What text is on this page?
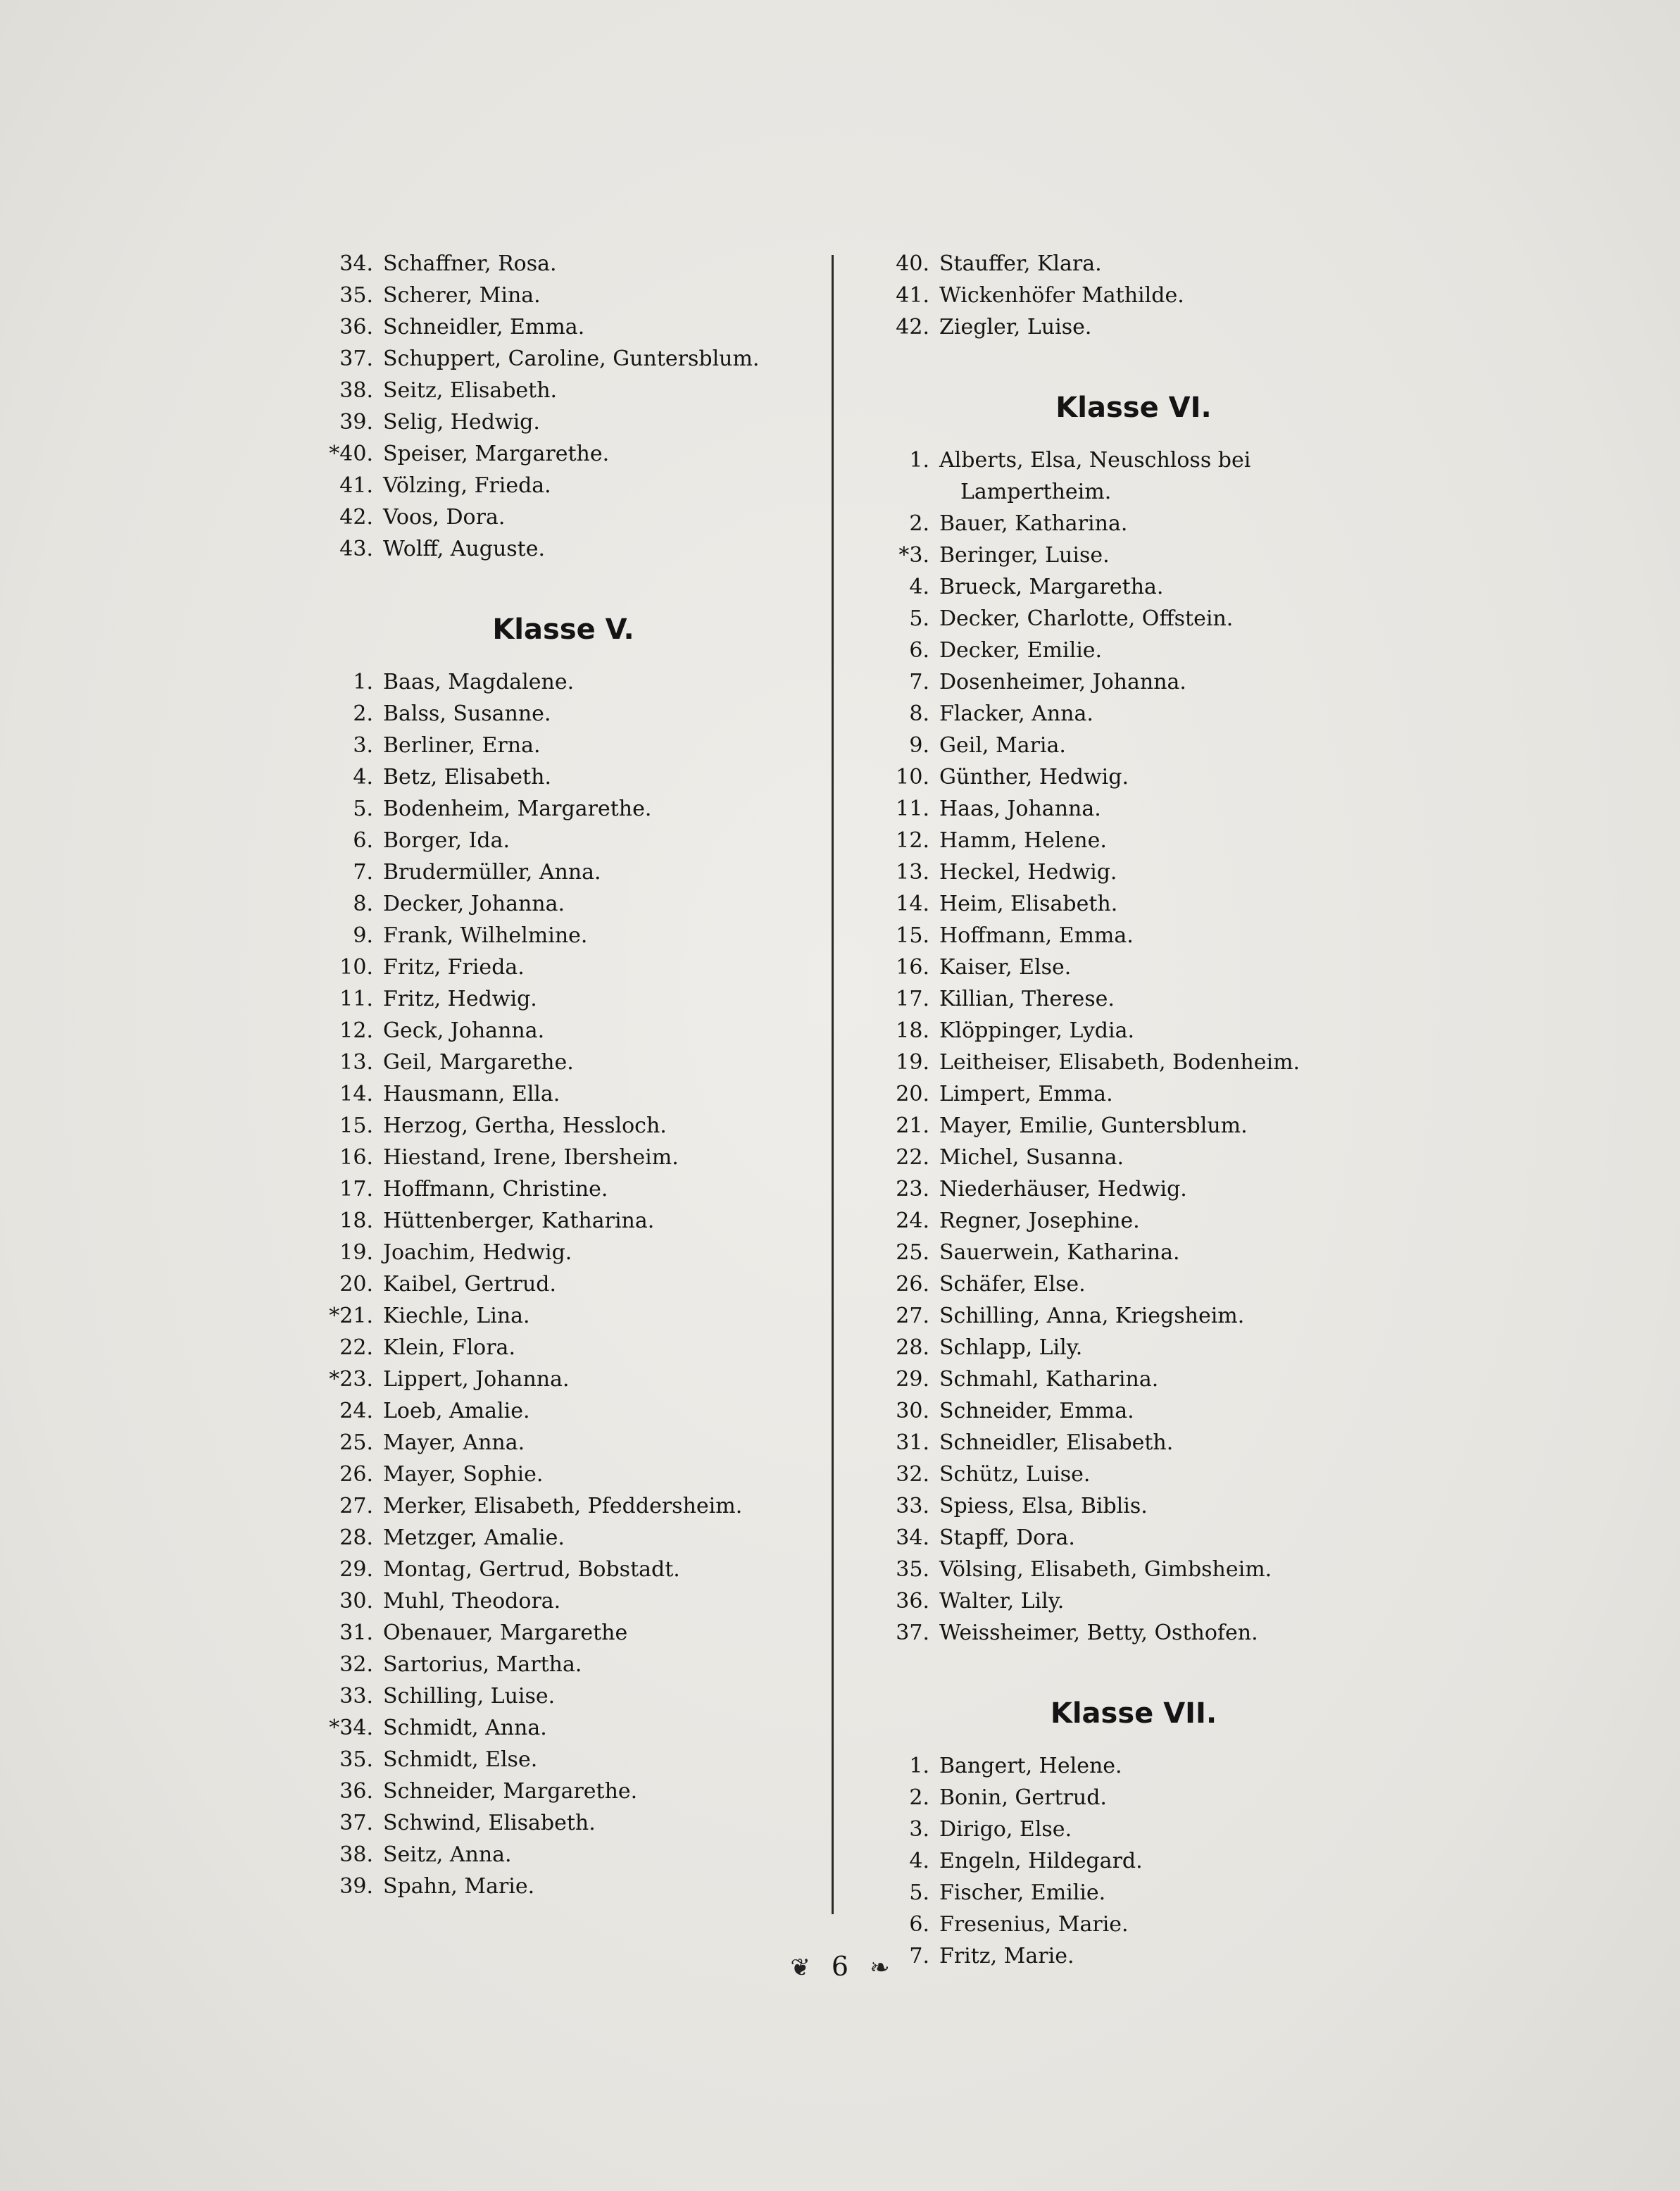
34. Schaffner, Rosa.
35. Scherer, Mina.
36. Schneidler, Emma.
37. Schuppert, Caroline, Guntersblum.
38. Seitz, Elisabeth.
39. Selig, Hedwig.
*40. Speiser, Margarethe.
41. Völzing, Frieda.
42. Voos, Dora.
43. Wolff, Auguste.
Klasse V.
1. Baas, Magdalene.
2. Balss, Susanne.
3. Berliner, Erna.
4. Betz, Elisabeth.
5. Bodenheim, Margarethe.
6. Borger, Ida.
7. Brudermüller, Anna.
8. Decker, Johanna.
9. Frank, Wilhelmine.
10. Fritz, Frieda.
11. Fritz, Hedwig.
12. Geck, Johanna.
13. Geil, Margarethe.
14. Hausmann, Ella.
15. Herzog, Gertha, Hessloch.
16. Hiestand, Irene, Ibersheim.
17. Hoffmann, Christine.
18. Hüttenberger, Katharina.
19. Joachim, Hedwig.
20. Kaibel, Gertrud.
*21. Kiechle, Lina.
22. Klein, Flora.
*23. Lippert, Johanna.
24. Loeb, Amalie.
25. Mayer, Anna.
26. Mayer, Sophie.
27. Merker, Elisabeth, Pfeddersheim.
28. Metzger, Amalie.
29. Montag, Gertrud, Bobstadt.
30. Muhl, Theodora.
31. Obenauer, Margarethe
32. Sartorius, Martha.
33. Schilling, Luise.
*34. Schmidt, Anna.
35. Schmidt, Else.
36. Schneider, Margarethe.
37. Schwind, Elisabeth.
38. Seitz, Anna.
39. Spahn, Marie.
40. Stauffer, Klara.
41. Wickenhöfer Mathilde.
42. Ziegler, Luise.
Klasse VI.
1. Alberts, Elsa, Neuschloss bei
Lampertheim.
2. Bauer, Katharina.
*3. Beringer, Luise.
4. Brueck, Margaretha.
5. Decker, Charlotte, Offstein.
6. Decker, Emilie.
7. Dosenheimer, Johanna.
8. Flacker, Anna.
9. Geil, Maria.
10. Günther, Hedwig.
11. Haas, Johanna.
12. Hamm, Helene.
13. Heckel, Hedwig.
14. Heim, Elisabeth.
15. Hoffmann, Emma.
16. Kaiser, Else.
17. Killian, Therese.
18. Klöppinger, Lydia.
19. Leitheiser, Elisabeth, Bodenheim.
20. Limpert, Emma.
21. Mayer, Emilie, Guntersblum.
22. Michel, Susanna.
23. Niederhäuser, Hedwig.
24. Regner, Josephine.
25. Sauerwein, Katharina.
26. Schäfer, Else.
27. Schilling, Anna, Kriegsheim.
28. Schlapp, Lily.
29. Schmahl, Katharina.
30. Schneider, Emma.
31. Schneidler, Elisabeth.
32. Schütz, Luise.
33. Spiess, Elsa, Biblis.
34. Stapff, Dora.
35. Völsing, Elisabeth, Gimbsheim.
36. Walter, Lily.
37. Weissheimer, Betty, Osthofen.
Klasse VII.
1. Bangert, Helene.
2. Bonin, Gertrud.
3. Dirigo, Else.
4. Engeln, Hildegard.
5. Fischer, Emilie.
6. Fresenius, Marie.
7. Fritz, Marie.
❦ 6 ❧
